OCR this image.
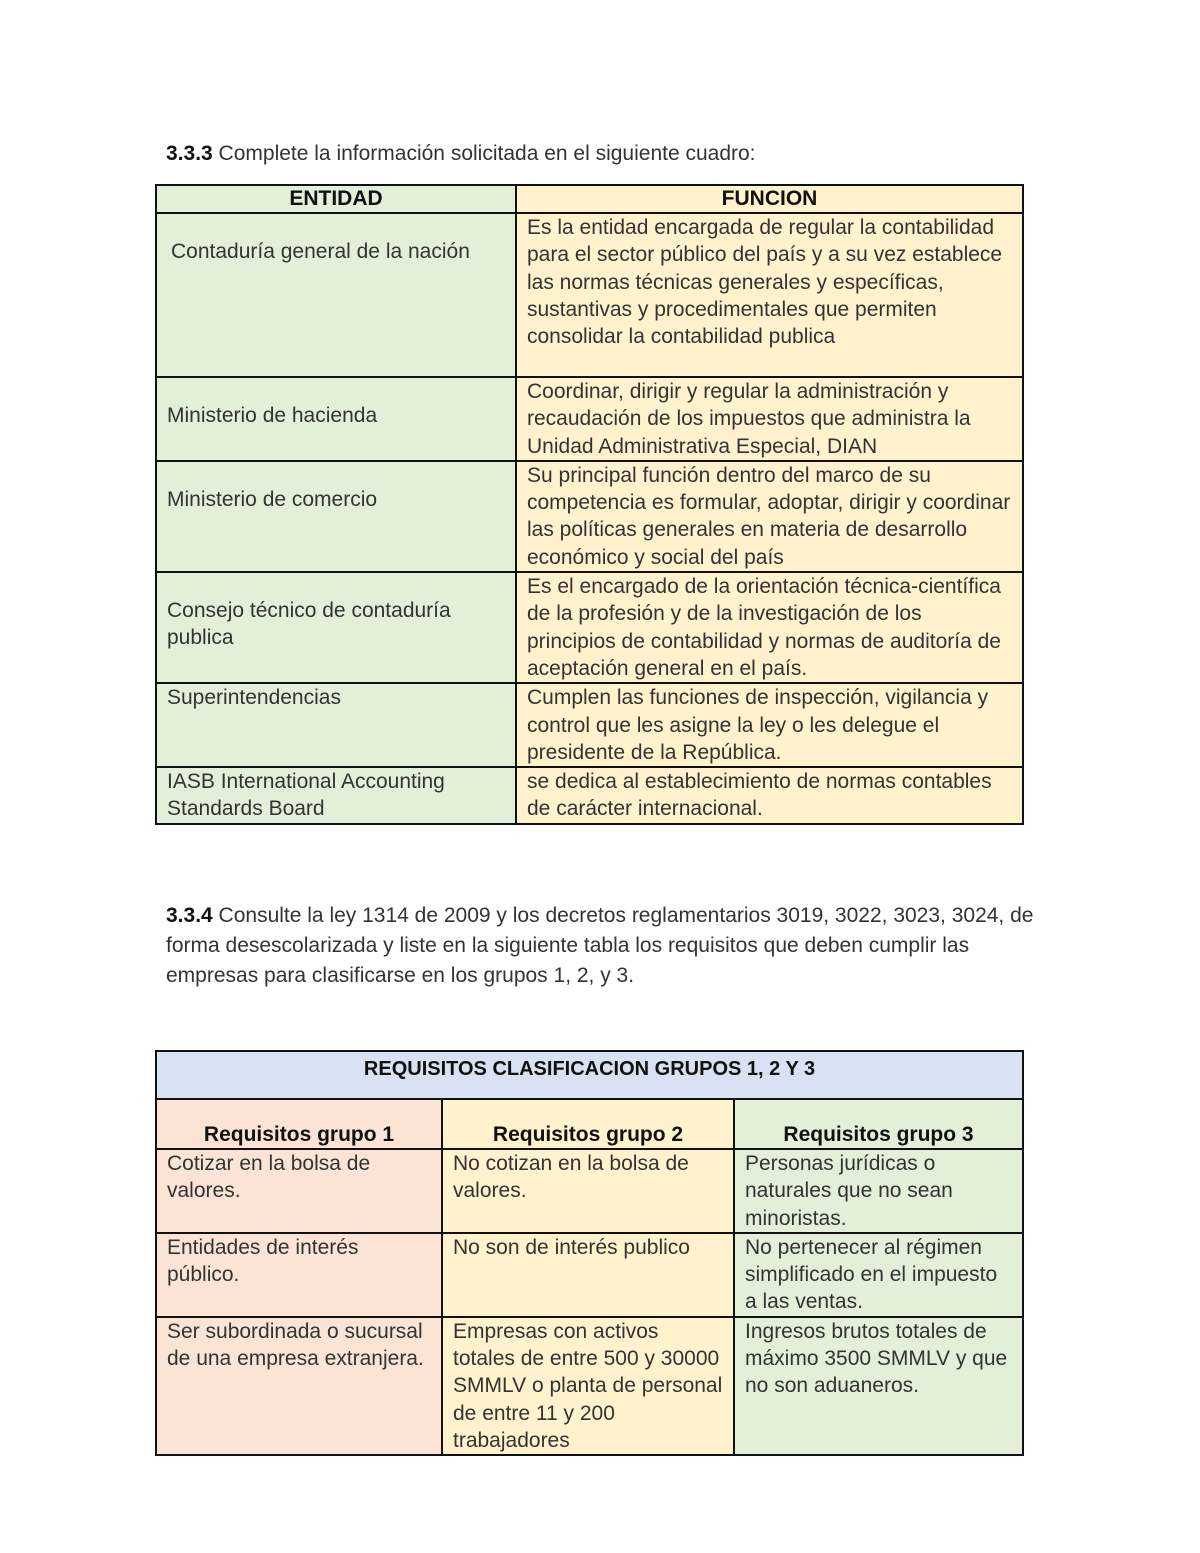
3.3.3 Complete la información solicitada en el siguiente cuadro:
ENTIDAD	FUNCION

Contaduría general de la nación	Es la entidad encargada de regular la contabilidad para el sector público del país y a su vez establece las normas técnicas generales y específicas, sustantivas y procedimentales que permiten consolidar la contabilidad publica

Ministerio de hacienda	Coordinar, dirigir y regular la administración y recaudación de los impuestos que administra la Unidad Administrativa Especial, DIAN

Ministerio de comercio	Su principal función dentro del marco de su competencia es formular, adoptar, dirigir y coordinar las políticas generales en materia de desarrollo económico y social del país

Consejo técnico de contaduría publica	Es el encargado de la orientación técnica-científica de la profesión y de la investigación de los principios de contabilidad y normas de auditoría de aceptación general en el país.

Superintendencias	Cumplen las funciones de inspección, vigilancia y control que les asigne la ley o les delegue el presidente de la República.

IASB International Accounting Standards Board	se dedica al establecimiento de normas contables de carácter internacional.
3.3.4 Consulte la ley 1314 de 2009 y los decretos reglamentarios 3019, 3022, 3023, 3024, de forma desescolarizada y liste en la siguiente tabla los requisitos que deben cumplir las empresas para clasificarse en los grupos 1, 2, y 3.
REQUISITOS CLASIFICACION GRUPOS 1, 2 Y 3		
Requisitos grupo 1	Requisitos grupo 2	Requisitos grupo 3
Cotizar en la bolsa de valores.	No cotizan en la bolsa de valores.	Personas jurídicas o naturales que no sean minoristas.
Entidades de interés público.	No son de interés publico	No pertenecer al régimen simplificado en el impuesto a las ventas.
Ser subordinada o sucursal de una empresa extranjera.	Empresas con activos totales de entre 500 y 30000 SMMLV o planta de personal de entre 11 y 200 trabajadores	Ingresos brutos totales de máximo 3500 SMMLV y que no son aduaneros.
